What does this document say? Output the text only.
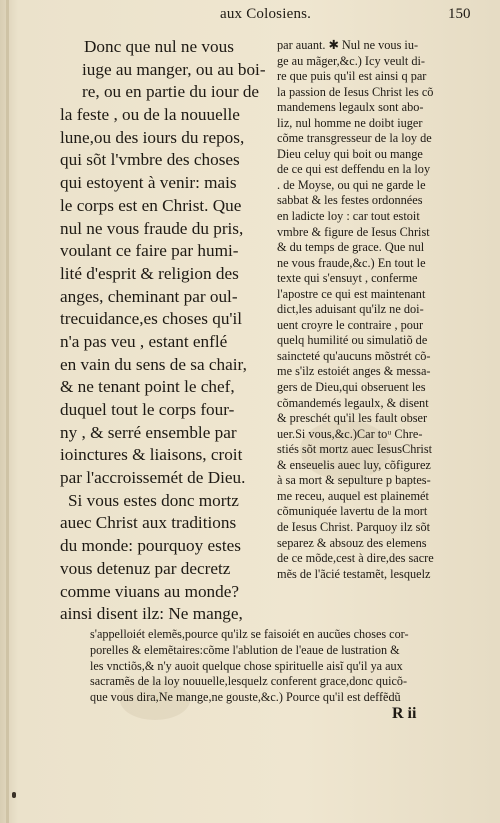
aux Colosiens.	150
Donc que nul ne vous
iuge au manger, ou au boi-
re, ou en partie du iour de
la feste , ou de la nouuelle
lune,ou des iours du repos,
qui sõt l'vmbre des choses
qui estoyent à venir: mais
le corps est en Christ. Que
nul ne vous fraude du pris,
voulant ce faire par humi-
lité d'esprit & religion des
anges, cheminant par oul-
trecuidance,es choses qu'il
n'a pas veu , estant enflé
en vain du sens de sa chair,
& ne tenant point le chef,
duquel tout le corps four-
ny , & serré ensemble par
ioinctures & liaisons, croit
par l'accroissemét de Dieu.
Si vous estes donc mortz
auec Christ aux traditions
du monde: pourquoy estes
vous detenuz par decretz
comme viuans au monde?
ainsi disent ilz: Ne mange,
par auant. ✱ Nul ne vous iu-
ge au mãger,&c.) Icy veult di-
re que puis qu'il est ainsi q par
la passion de Iesus Christ les cõ
mandemens legaulx sont abo-
liz, nul homme ne doibt iuger
cõme transgresseur de la loy de
Dieu celuy qui boit ou mange
de ce qui est deffendu en la loy
. de Moyse, ou qui ne garde le
sabbat & les festes ordonnées
en ladicte loy : car tout estoit
vmbre & figure de Iesus Christ
& du temps de grace. Que nul
ne vous fraude,&c.) En tout le
texte qui s'ensuyt , conferme
l'apostre ce qui est maintenant
dict,les aduisant qu'ilz ne doi-
uent croyre le contraire , pour
quelq humilité ou simulatiõ de
saincteté qu'aucuns mõstrét cõ-
me s'ilz estoiét anges & messa-
gers de Dieu,qui obseruent les
cõmandemés legaulx, & disent
& preschét qu'il les fault obser
uer.Si vous,&c.)Car toᵘ Chre-
stiés sõt mortz auec IesusChrist
& enseuelis auec luy, cõfigurez
à sa mort & sepulture p baptes-
me receu, auquel est plainemét
cõmuniquée lavertu de la mort
de Iesus Christ. Parquoy ilz sõt
separez & absouz des elemens
de ce mõde,cest à dire,des sacre
mẽs de l'ãcié testamẽt, lesquelz
s'appelloiét elemẽs,pource qu'ilz se faisoiét en aucũes choses cor-
porelles & elemẽtaires:cõme l'ablution de l'eaue de lustration &
les vnctiõs,& n'y auoit quelque chose spirituelle aisĩ qu'il ya aux
sacramẽs de la loy nouuelle,lesquelz conferent grace,donc quicõ-
que vous dira,Ne mange,ne gouste,&c.) Pource qu'il est deffẽdũ
R ii
